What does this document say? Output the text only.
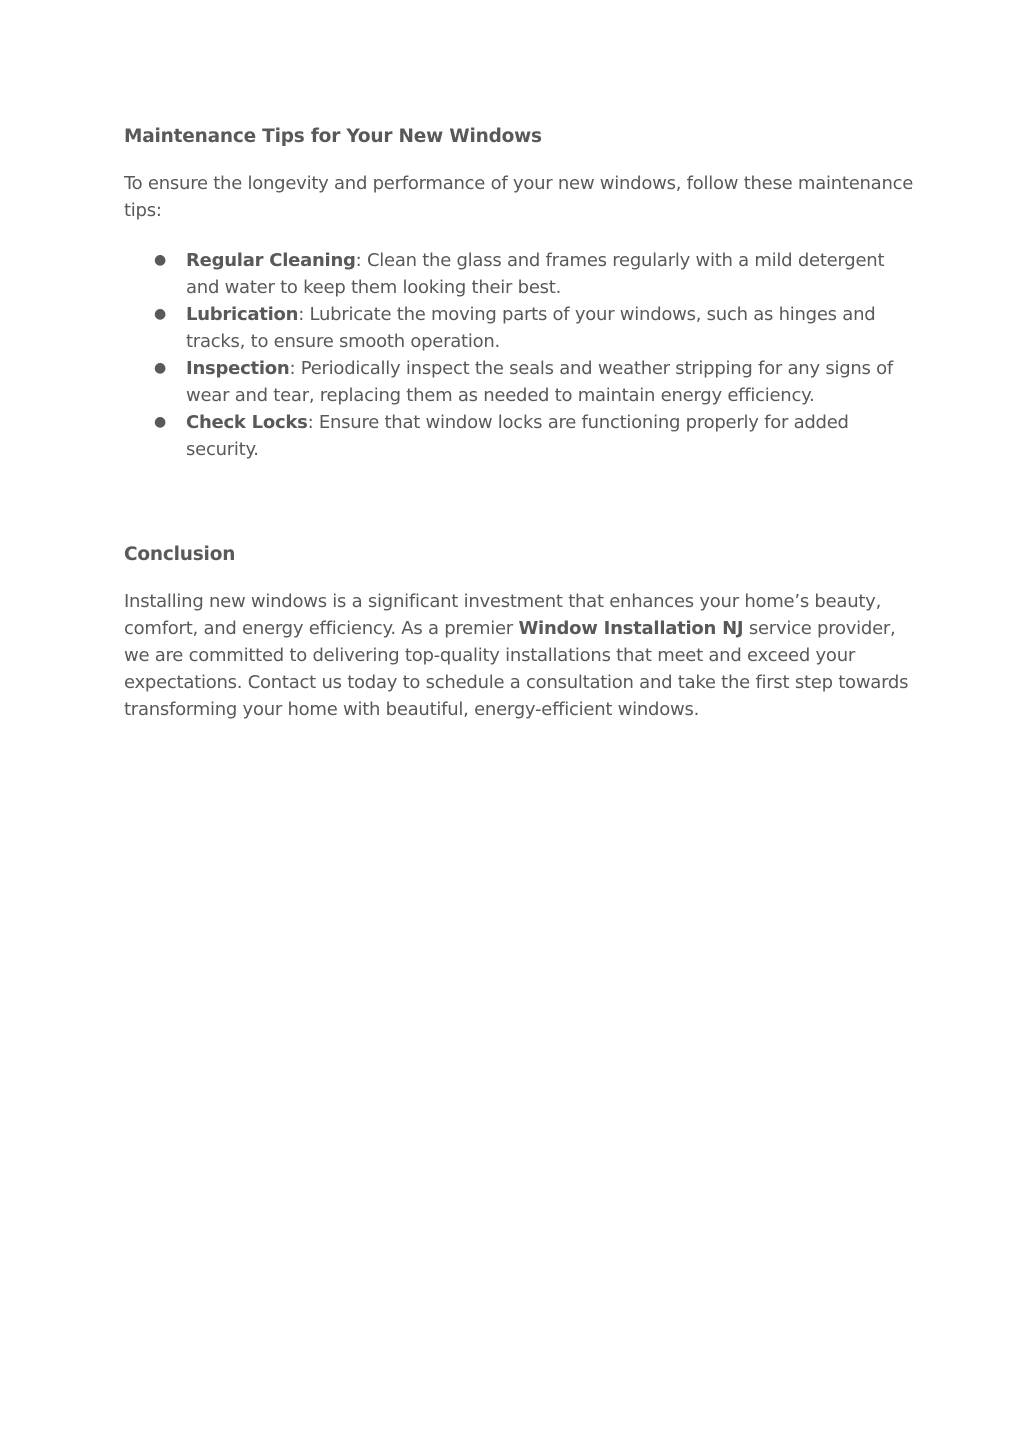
Maintenance Tips for Your New Windows

To ensure the longevity and performance of your new windows, follow these maintenance tips:

● Regular Cleaning: Clean the glass and frames regularly with a mild detergent and water to keep them looking their best.
● Lubrication: Lubricate the moving parts of your windows, such as hinges and tracks, to ensure smooth operation.
● Inspection: Periodically inspect the seals and weather stripping for any signs of wear and tear, replacing them as needed to maintain energy efficiency.
● Check Locks: Ensure that window locks are functioning properly for added security.
Conclusion

Installing new windows is a significant investment that enhances your home’s beauty, comfort, and energy efficiency. As a premier Window Installation NJ service provider, we are committed to delivering top-quality installations that meet and exceed your expectations. Contact us today to schedule a consultation and take the first step towards transforming your home with beautiful, energy-efficient windows.
